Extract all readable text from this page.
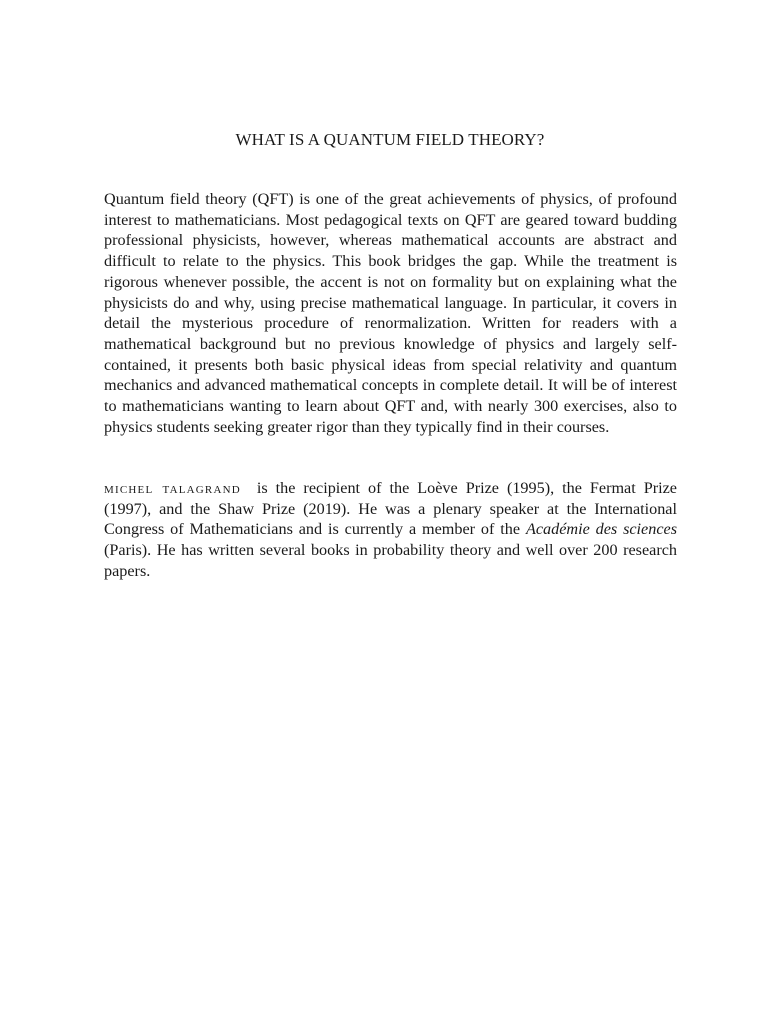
WHAT IS A QUANTUM FIELD THEORY?

Quantum field theory (QFT) is one of the great achievements of physics, of profound interest to mathematicians. Most pedagogical texts on QFT are geared toward budding professional physicists, however, whereas mathematical accounts are abstract and difficult to relate to the physics. This book bridges the gap. While the treatment is rigorous whenever possible, the accent is not on formality but on explaining what the physicists do and why, using precise mathematical language. In particular, it covers in detail the mysterious procedure of renormalization. Written for readers with a mathematical background but no previous knowledge of physics and largely self-contained, it presents both basic physical ideas from special relativity and quantum mechanics and advanced mathematical concepts in complete detail. It will be of interest to mathematicians wanting to learn about QFT and, with nearly 300 exercises, also to physics students seeking greater rigor than they typically find in their courses.

michel talagrand is the recipient of the Loève Prize (1995), the Fermat Prize (1997), and the Shaw Prize (2019). He was a plenary speaker at the International Congress of Mathematicians and is currently a member of the Académie des sciences (Paris). He has written several books in probability theory and well over 200 research papers.
